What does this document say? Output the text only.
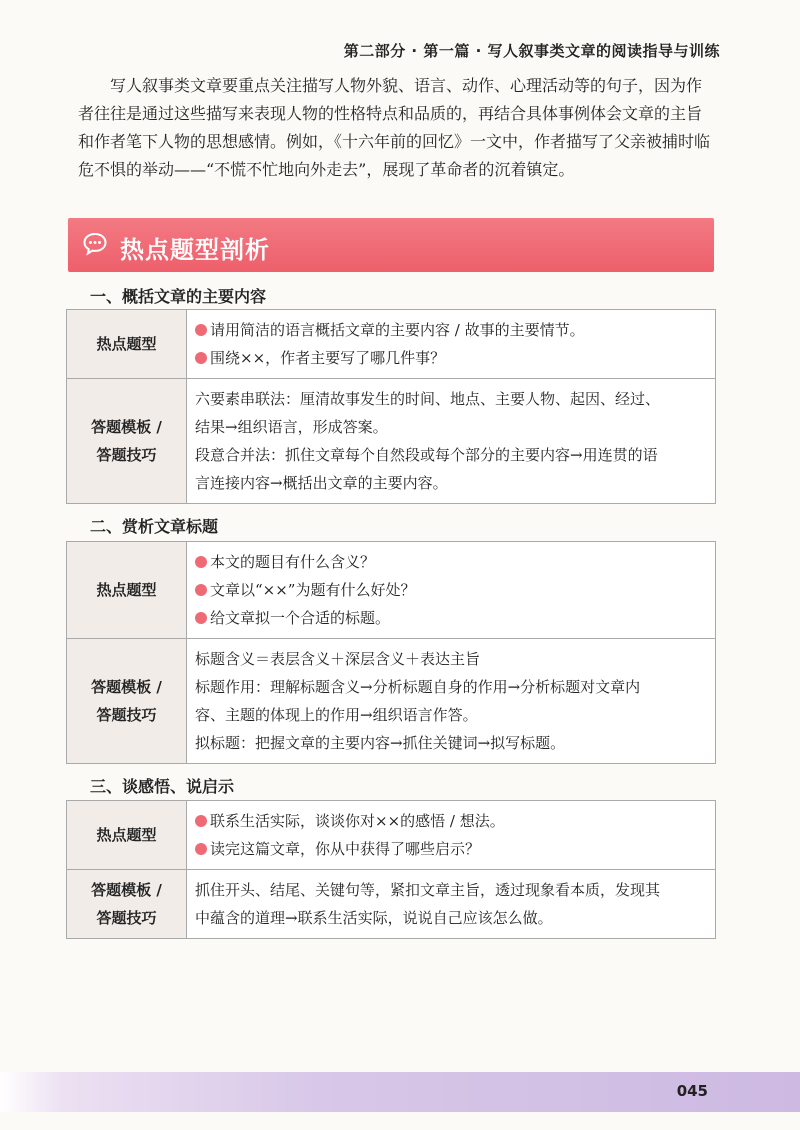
第二部分 · 第一篇 · 写人叙事类文章的阅读指导与训练

写人叙事类文章要重点关注描写人物外貌、语言、动作、心理活动等的句子，因为作
者往往是通过这些描写来表现人物的性格特点和品质的，再结合具体事例体会文章的主旨
和作者笔下人物的思想感情。例如，《十六年前的回忆》一文中，作者描写了父亲被捕时临
危不惧的举动——“不慌不忙地向外走去”，展现了革命者的沉着镇定。

热点题型剖析
一、概括文章的主要内容
热点题型	请用简洁的语言概括文章的主要内容 / 故事的主要情节。
围绕××，作者主要写了哪几件事？

答题模板 /
答题技巧	六要素串联法：厘清故事发生的时间、地点、主要人物、起因、经过、
结果→组织语言，形成答案。
段意合并法：抓住文章每个自然段或每个部分的主要内容→用连贯的语
言连接内容→概括出文章的主要内容。
二、赏析文章标题
热点题型	本文的题目有什么含义？
文章以“××”为题有什么好处？
给文章拟一个合适的标题。

答题模板 /
答题技巧	标题含义＝表层含义＋深层含义＋表达主旨
标题作用：理解标题含义→分析标题自身的作用→分析标题对文章内
容、主题的体现上的作用→组织语言作答。
拟标题：把握文章的主要内容→抓住关键词→拟写标题。
三、谈感悟、说启示
热点题型	联系生活实际，谈谈你对××的感悟 / 想法。
读完这篇文章，你从中获得了哪些启示？

答题模板 /
答题技巧	抓住开头、结尾、关键句等，紧扣文章主旨，透过现象看本质，发现其
中蕴含的道理→联系生活实际，说说自己应该怎么做。
045
